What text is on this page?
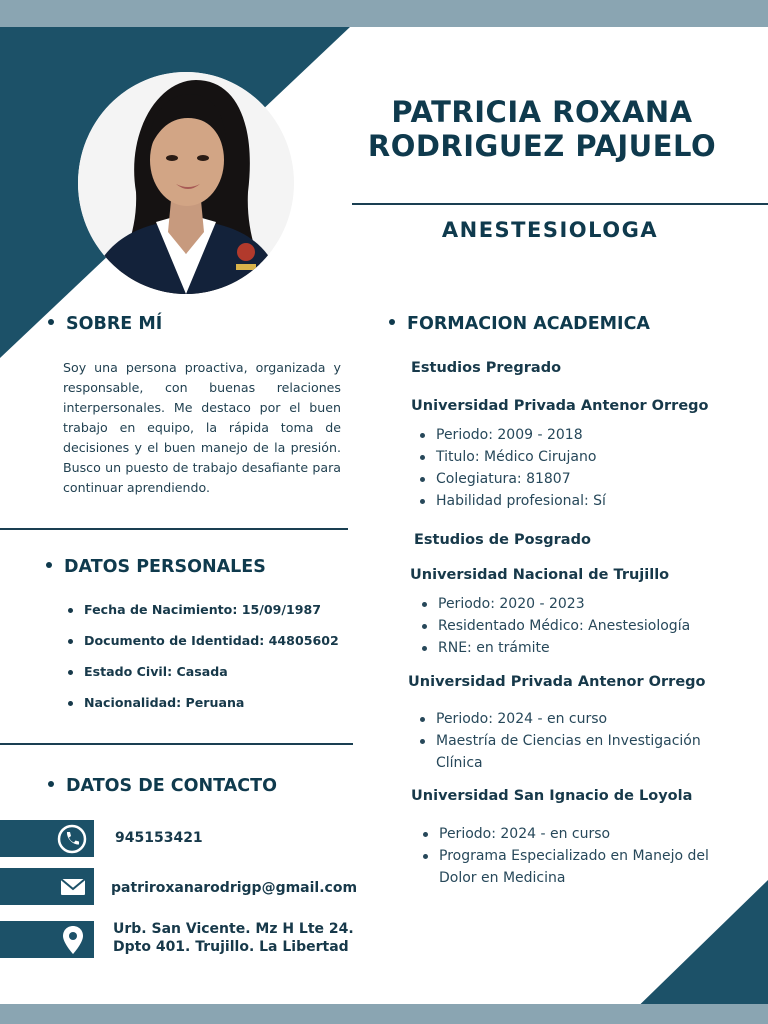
PATRICIA ROXANA
RODRIGUEZ PAJUELO
ANESTESIOLOGA
SOBRE MÍ
Soy una persona proactiva, organizada y responsable, con buenas relaciones interpersonales. Me destaco por el buen trabajo en equipo, la rápida toma de decisiones y el buen manejo de la presión. Busco un puesto de trabajo desafiante para continuar aprendiendo.
DATOS PERSONALES
Fecha de Nacimiento: 15/09/1987
Documento de Identidad: 44805602
Estado Civil: Casada
Nacionalidad: Peruana
DATOS DE CONTACTO
945153421
patriroxanarodrigp@gmail.com
Urb. San Vicente. Mz H Lte 24. Dpto 401. Trujillo. La Libertad
FORMACION ACADEMICA
Estudios Pregrado
Universidad Privada Antenor Orrego
Periodo: 2009 - 2018
Titulo: Médico Cirujano
Colegiatura: 81807
Habilidad profesional: Sí
Estudios de Posgrado
Universidad Nacional de Trujillo
Periodo: 2020 - 2023
Residentado Médico: Anestesiología
RNE: en trámite
Universidad Privada Antenor Orrego
Periodo: 2024 - en curso
Maestría de Ciencias en Investigación Clínica
Universidad San Ignacio de Loyola
Periodo: 2024 - en curso
Programa Especializado en Manejo del Dolor en Medicina
